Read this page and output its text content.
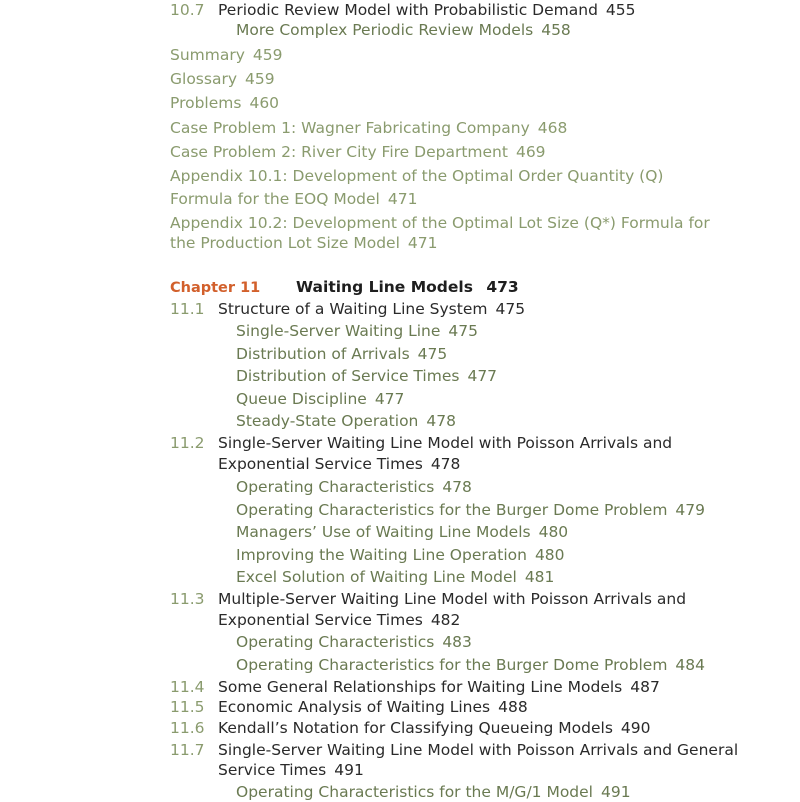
10.7 Periodic Review Model with Probabilistic Demand 455
More Complex Periodic Review Models 458
Summary 459
Glossary 459
Problems 460
Case Problem 1: Wagner Fabricating Company 468
Case Problem 2: River City Fire Department 469
Appendix 10.1: Development of the Optimal Order Quantity (Q)
Formula for the EOQ Model 471
Appendix 10.2: Development of the Optimal Lot Size (Q*) Formula for
the Production Lot Size Model 471
Chapter 11 Waiting Line Models 473
11.1 Structure of a Waiting Line System 475
Single-Server Waiting Line 475
Distribution of Arrivals 475
Distribution of Service Times 477
Queue Discipline 477
Steady-State Operation 478
11.2 Single-Server Waiting Line Model with Poisson Arrivals and
Exponential Service Times 478
Operating Characteristics 478
Operating Characteristics for the Burger Dome Problem 479
Managers’ Use of Waiting Line Models 480
Improving the Waiting Line Operation 480
Excel Solution of Waiting Line Model 481
11.3 Multiple-Server Waiting Line Model with Poisson Arrivals and
Exponential Service Times 482
Operating Characteristics 483
Operating Characteristics for the Burger Dome Problem 484
11.4 Some General Relationships for Waiting Line Models 487
11.5 Economic Analysis of Waiting Lines 488
11.6 Kendall’s Notation for Classifying Queueing Models 490
11.7 Single-Server Waiting Line Model with Poisson Arrivals and General
Service Times 491
Operating Characteristics for the M/G/1 Model 491
